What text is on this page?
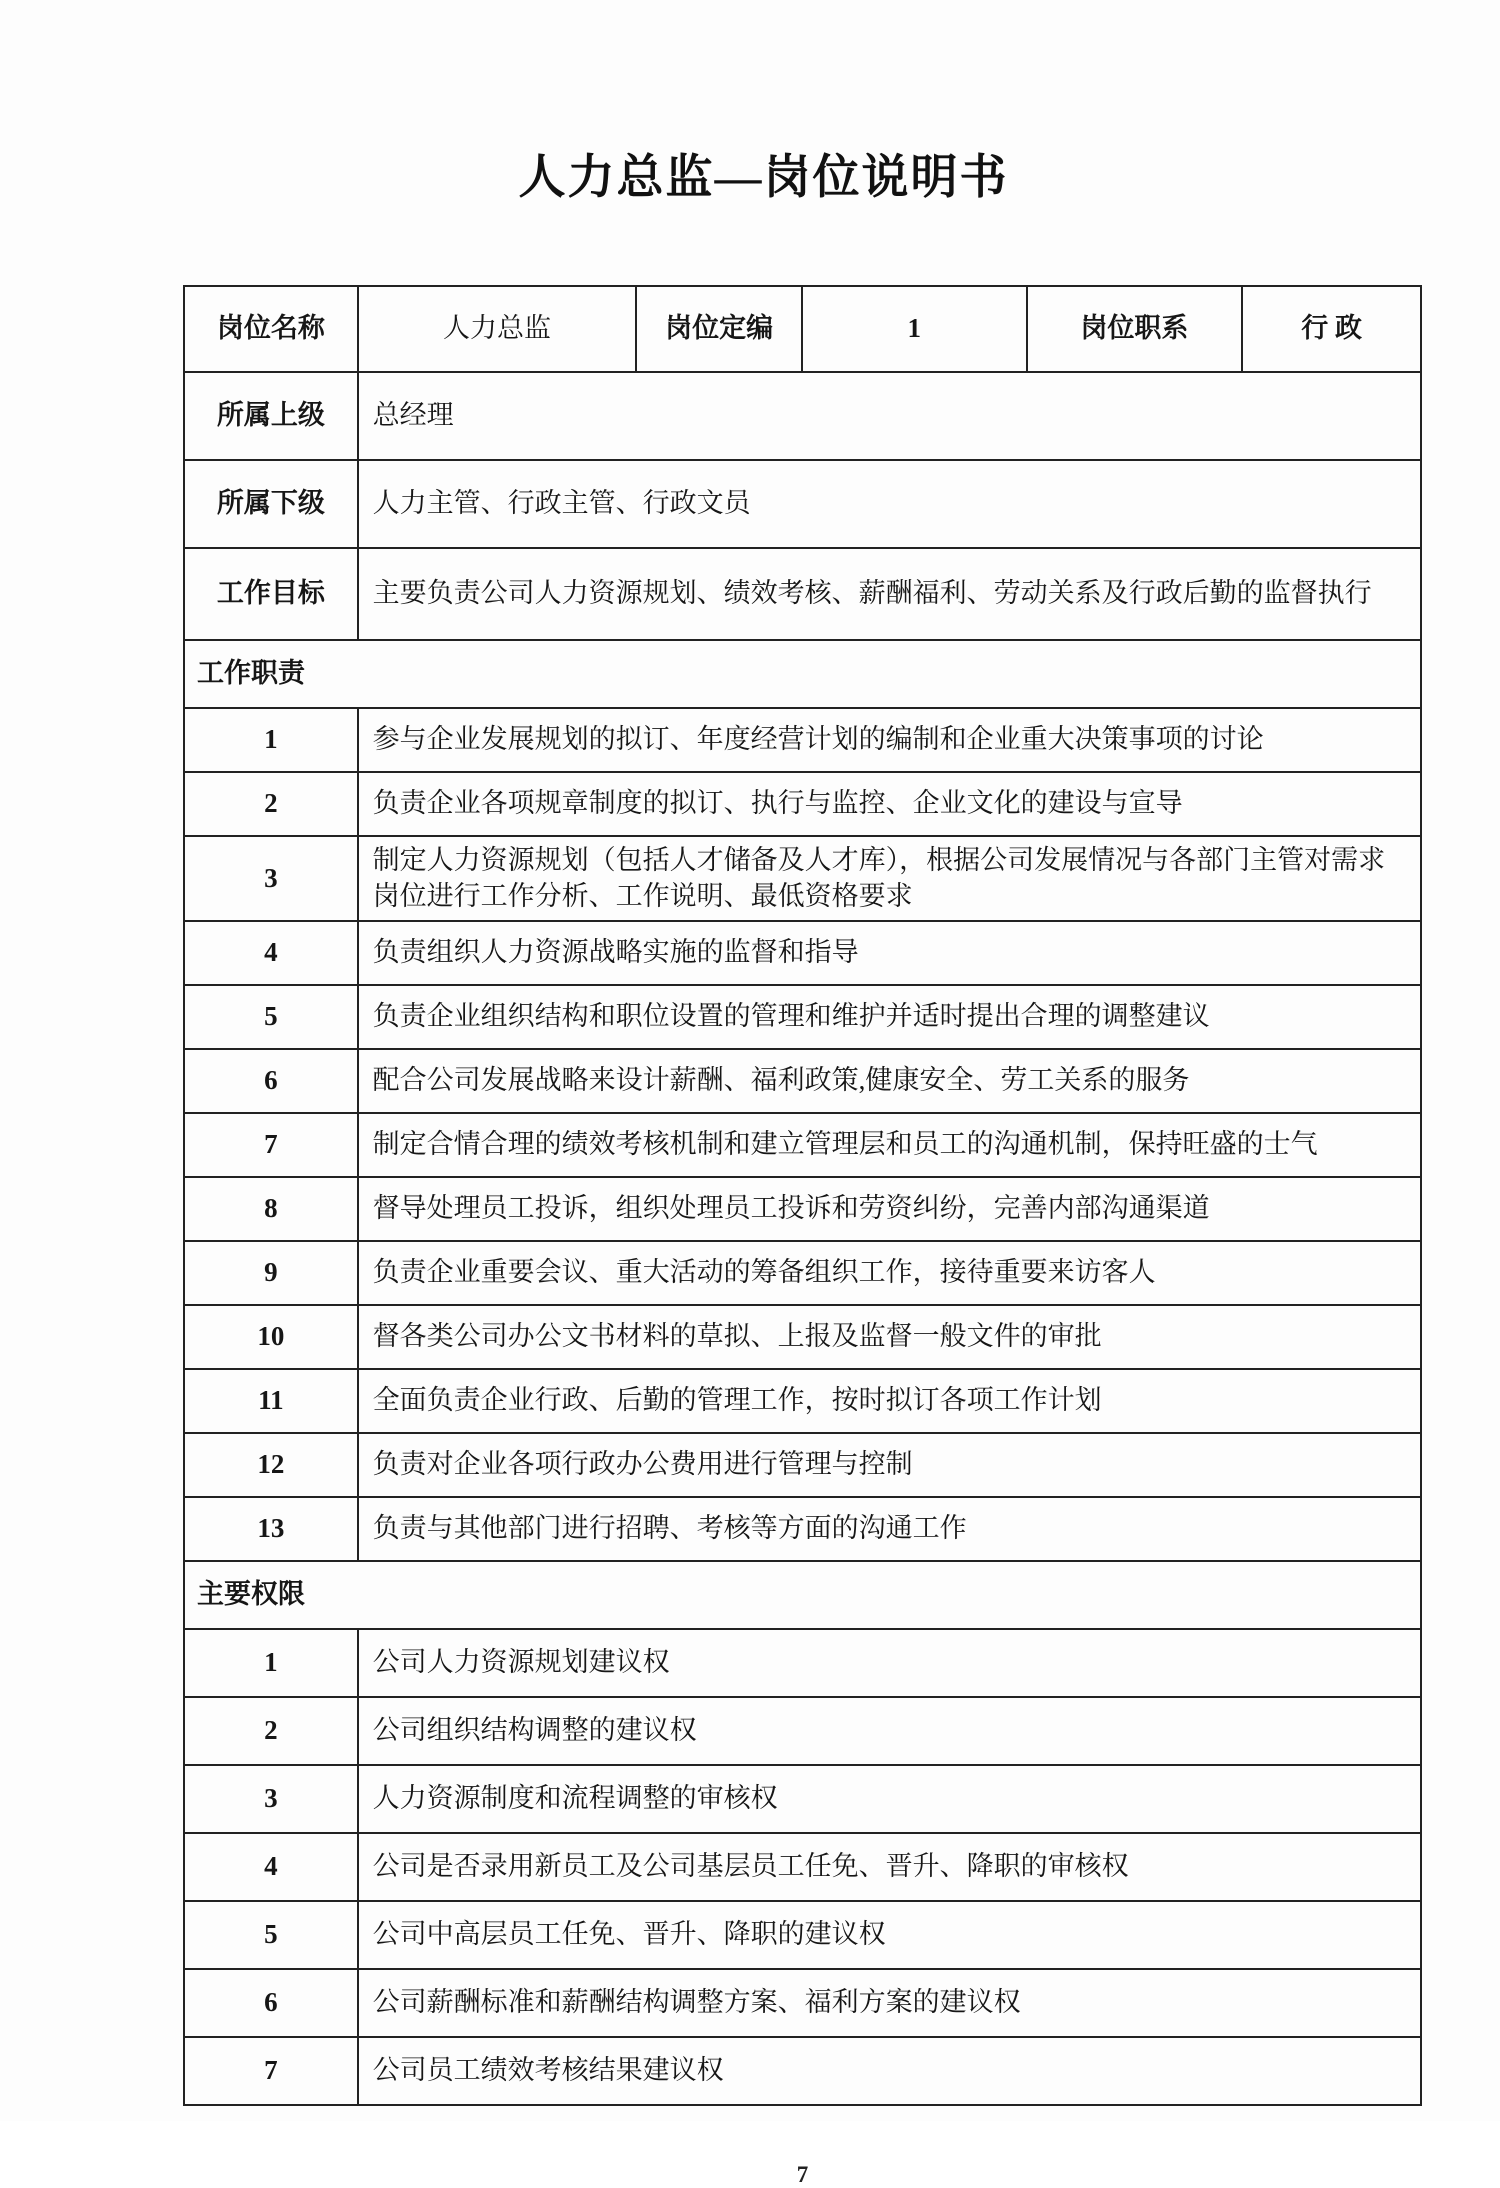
人力总监—岗位说明书
岗位名称	人力总监	岗位定编	1	岗位职系	行 政
所属上级	总经理				
所属下级	人力主管、行政主管、行政文员				
工作目标	主要负责公司人力资源规划、绩效考核、薪酬福利、劳动关系及行政后勤的监督执行				
工作职责					
1	参与企业发展规划的拟订、年度经营计划的编制和企业重大决策事项的讨论				
2	负责企业各项规章制度的拟订、执行与监控、企业文化的建设与宣导				
3	制定人力资源规划（包括人才储备及人才库），根据公司发展情况与各部门主管对需求岗位进行工作分析、工作说明、最低资格要求				
4	负责组织人力资源战略实施的监督和指导				
5	负责企业组织结构和职位设置的管理和维护并适时提出合理的调整建议				
6	配合公司发展战略来设计薪酬、福利政策,健康安全、劳工关系的服务				
7	制定合情合理的绩效考核机制和建立管理层和员工的沟通机制，保持旺盛的士气				
8	督导处理员工投诉，组织处理员工投诉和劳资纠纷，完善内部沟通渠道				
9	负责企业重要会议、重大活动的筹备组织工作，接待重要来访客人				
10	督各类公司办公文书材料的草拟、上报及监督一般文件的审批				
11	全面负责企业行政、后勤的管理工作，按时拟订各项工作计划				
12	负责对企业各项行政办公费用进行管理与控制				
13	负责与其他部门进行招聘、考核等方面的沟通工作				
主要权限					
1	公司人力资源规划建议权				
2	公司组织结构调整的建议权				
3	人力资源制度和流程调整的审核权				
4	公司是否录用新员工及公司基层员工任免、晋升、降职的审核权				
5	公司中高层员工任免、晋升、降职的建议权				
6	公司薪酬标准和薪酬结构调整方案、福利方案的建议权				
7	公司员工绩效考核结果建议权				
7
